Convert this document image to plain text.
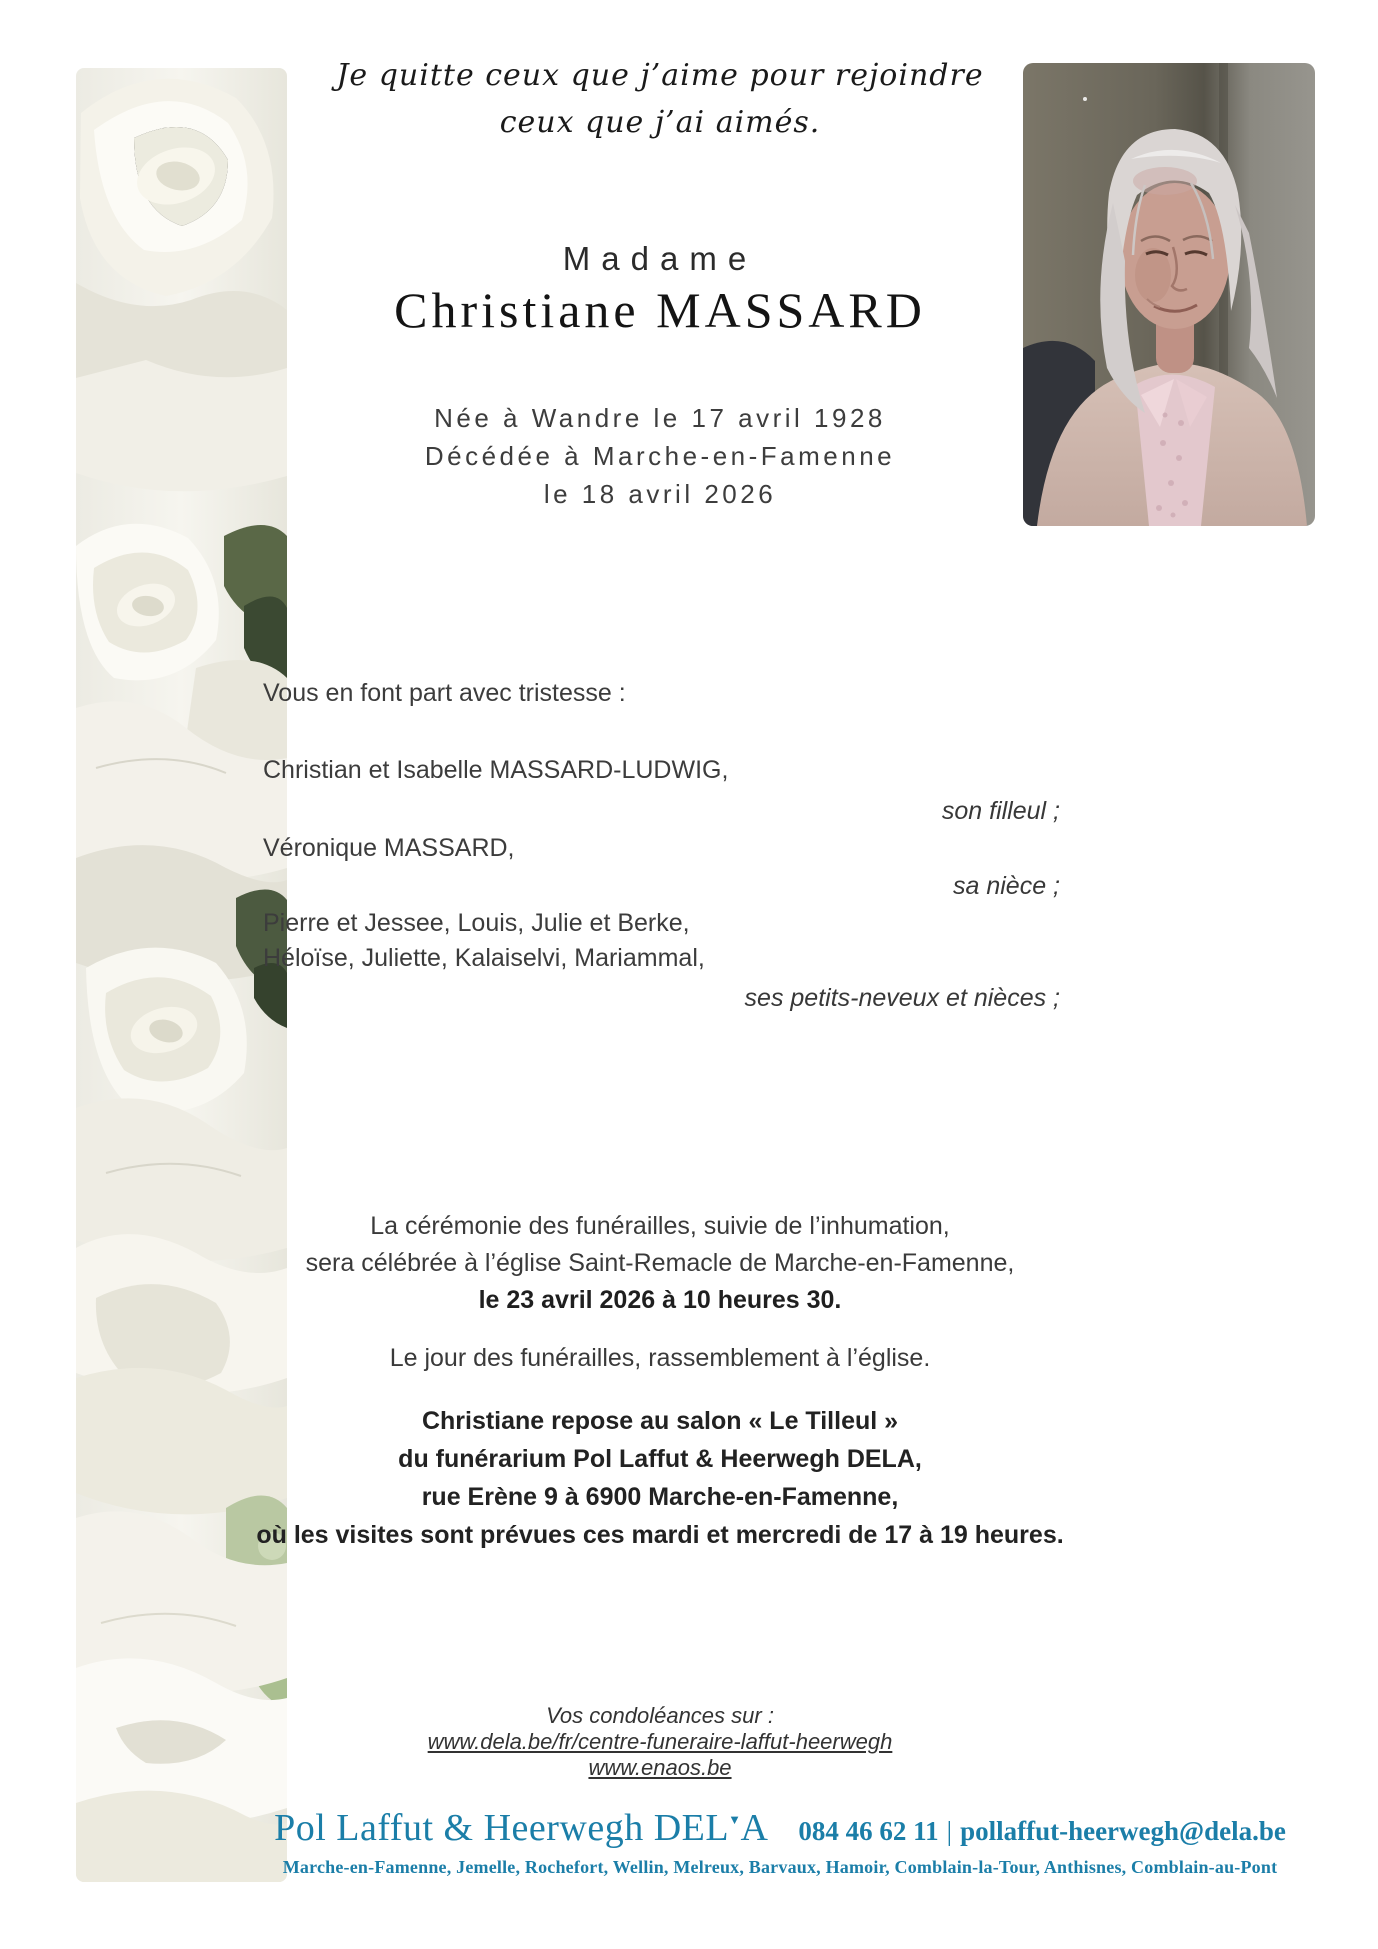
Je quitte ceux que j’aime pour rejoindre
ceux que j’ai aimés.
Madame
Christiane MASSARD
Née à Wandre le 17 avril 1928
Décédée à Marche-en-Famenne
le 18 avril 2026
Vous en font part avec tristesse :
Christian et Isabelle MASSARD-LUDWIG,
son filleul ;
Véronique MASSARD,
sa nièce ;
Pierre et Jessee, Louis, Julie et Berke,
Héloïse, Juliette, Kalaiselvi, Mariammal,
ses petits-neveux et nièces ;
La cérémonie des funérailles, suivie de l’inhumation,
sera célébrée à l’église Saint-Remacle de Marche-en-Famenne,
le 23 avril 2026 à 10 heures 30.
Le jour des funérailles, rassemblement à l’église.
Christiane repose au salon « Le Tilleul »
du funérarium Pol Laffut & Heerwegh DELA,
rue Erène 9 à 6900 Marche-en-Famenne,
où les visites sont prévues ces mardi et mercredi de 17 à 19 heures.
Vos condoléances sur :
www.dela.be/fr/centre-funeraire-laffut-heerwegh
www.enaos.be
Pol Laffut & Heerwegh DEL▼A 084 46 62 11 | pollaffut-heerwegh@dela.be
Marche-en-Famenne, Jemelle, Rochefort, Wellin, Melreux, Barvaux, Hamoir, Comblain-la-Tour, Anthisnes, Comblain-au-Pont
